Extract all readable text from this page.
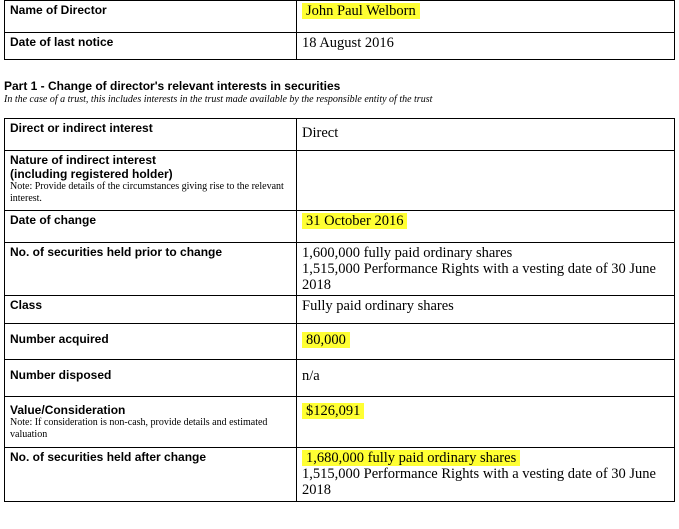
Name of Director	John Paul Welborn
Date of last notice	18 August 2016
Part 1 - Change of director's relevant interests in securities
In the case of a trust, this includes interests in the trust made available by the responsible entity of the trust
Direct or indirect interest	Direct

Nature of indirect interest (including registered holder)
Note: Provide details of the circumstances giving rise to the relevant interest.	

Date of change	31 October 2016
No. of securities held prior to change	1,600,000 fully paid ordinary shares
1,515,000 Performance Rights with a vesting date of 30 June 2018

Class	Fully paid ordinary shares
Number acquired	80,000
Number disposed	n/a

Value/Consideration
Note: If consideration is non-cash, provide details and estimated valuation	$126,091
No. of securities held after change	1,680,000 fully paid ordinary shares
1,515,000 Performance Rights with a vesting date of 30 June 2018
